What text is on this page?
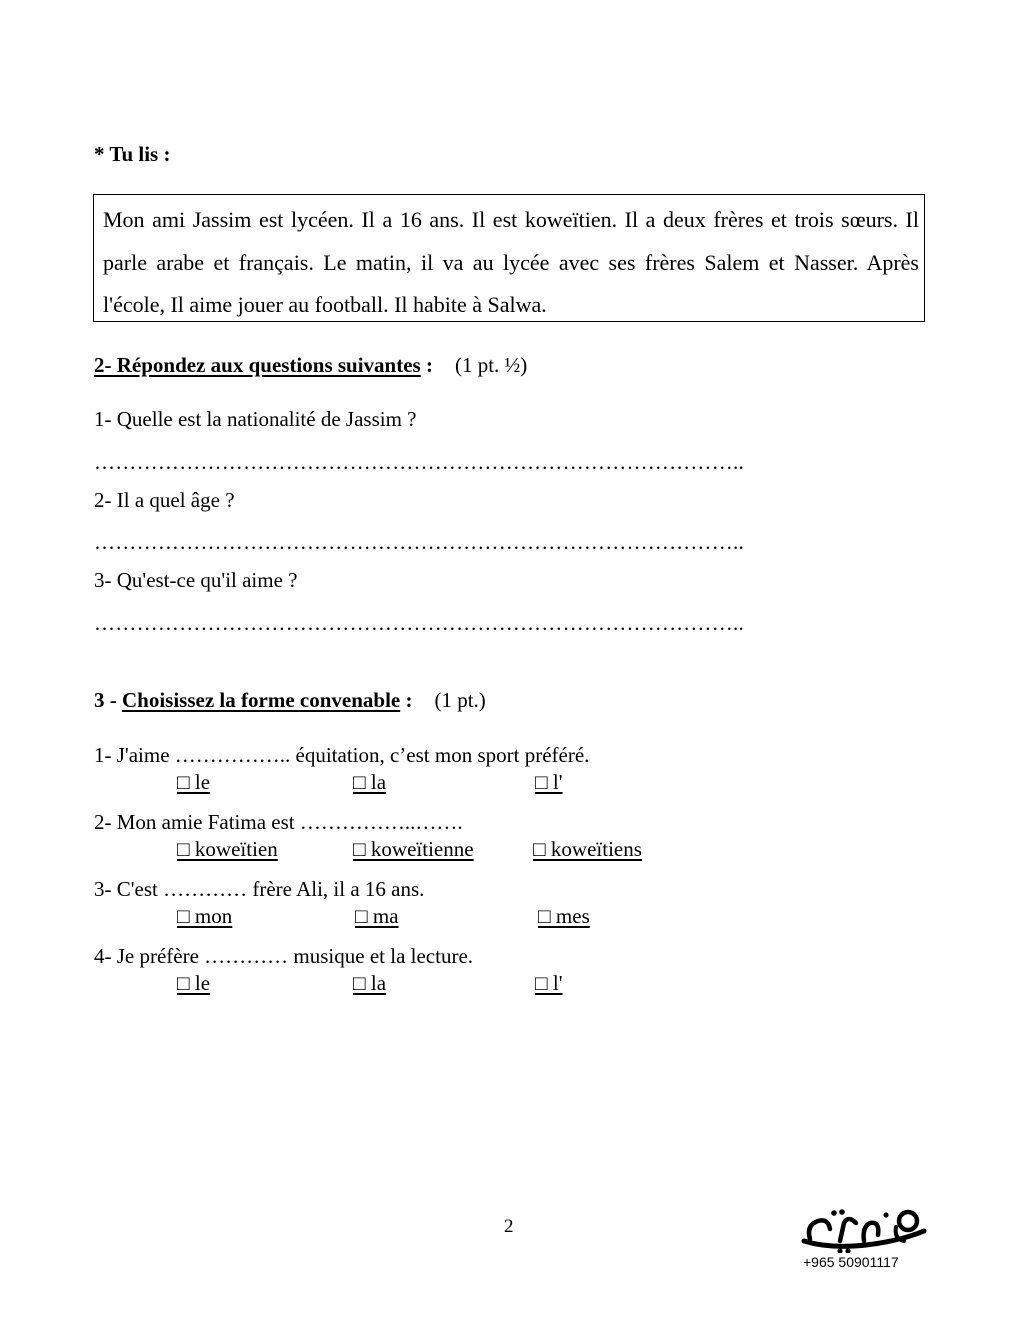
* Tu lis :
Mon ami Jassim est lycéen. Il a 16 ans. Il est koweïtien. Il a deux frères et trois sœurs. Il parle arabe et français. Le matin, il va au lycée avec ses frères Salem et Nasser. Après l'école, Il aime jouer au football. Il habite à Salwa.
2- Répondez aux questions suivantes : (1 pt. ½)
1- Quelle est la nationalité de Jassim ?
………………………………………………………………………………..
2- Il a quel âge ?
………………………………………………………………………………..
3- Qu'est-ce qu'il aime ?
………………………………………………………………………………..
3 - Choisissez la forme convenable : (1 pt.)
1- J'aime …………….. équitation, c’est mon sport préféré.
□ le	□ la	□ l'
2- Mon amie Fatima est ……………..…….
□ koweïtien	□ koweïtienne	□ koweïtiens
3- C'est ………… frère Ali, il a 16 ans.
□ mon	□ ma	□ mes
4- Je préfère ………… musique et la lecture.
□ le	□ la	□ l'
2
+965 50901117
